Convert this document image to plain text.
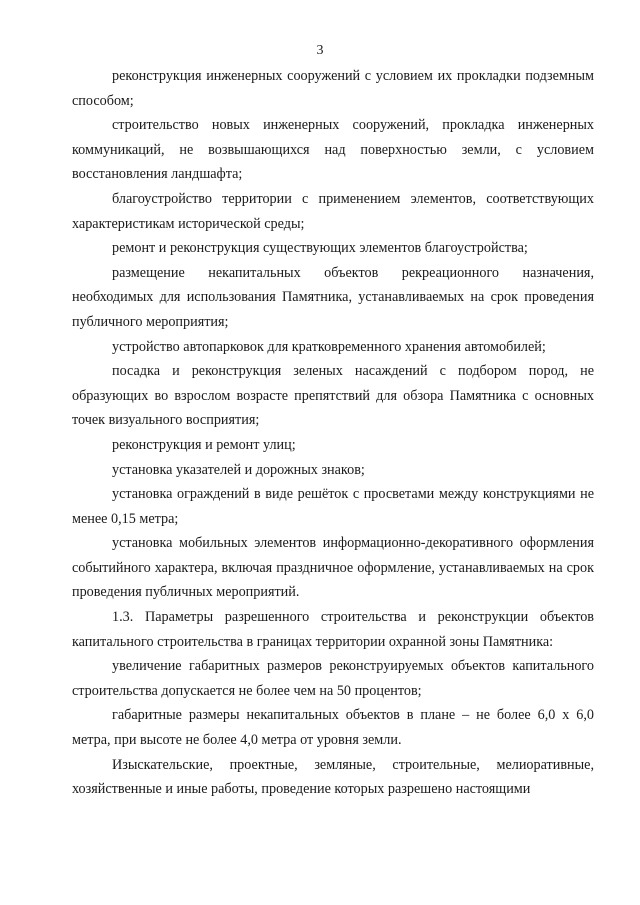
3

реконструкция инженерных сооружений с условием их прокладки подземным способом;

строительство новых инженерных сооружений, прокладка инженерных коммуникаций, не возвышающихся над поверхностью земли, с условием восстановления ландшафта;

благоустройство территории с применением элементов, соответствующих характеристикам исторической среды;

ремонт и реконструкция существующих элементов благоустройства;

размещение некапитальных объектов рекреационного назначения, необходимых для использования Памятника, устанавливаемых на срок проведения публичного мероприятия;

устройство автопарковок для кратковременного хранения автомобилей;

посадка и реконструкция зеленых насаждений с подбором пород, не образующих во взрослом возрасте препятствий для обзора Памятника с основных точек визуального восприятия;

реконструкция и ремонт улиц;

установка указателей и дорожных знаков;

установка ограждений в виде решёток с просветами между конструкциями не менее 0,15 метра;

установка мобильных элементов информационно-декоративного оформления событийного характера, включая праздничное оформление, устанавливаемых на срок проведения публичных мероприятий.

1.3. Параметры разрешенного строительства и реконструкции объектов капитального строительства в границах территории охранной зоны Памятника:

увеличение габаритных размеров реконструируемых объектов капитального строительства допускается не более чем на 50 процентов;

габаритные размеры некапитальных объектов в плане – не более 6,0 х 6,0 метра, при высоте не более 4,0 метра от уровня земли.

Изыскательские, проектные, земляные, строительные, мелиоративные, хозяйственные и иные работы, проведение которых разрешено настоящими
